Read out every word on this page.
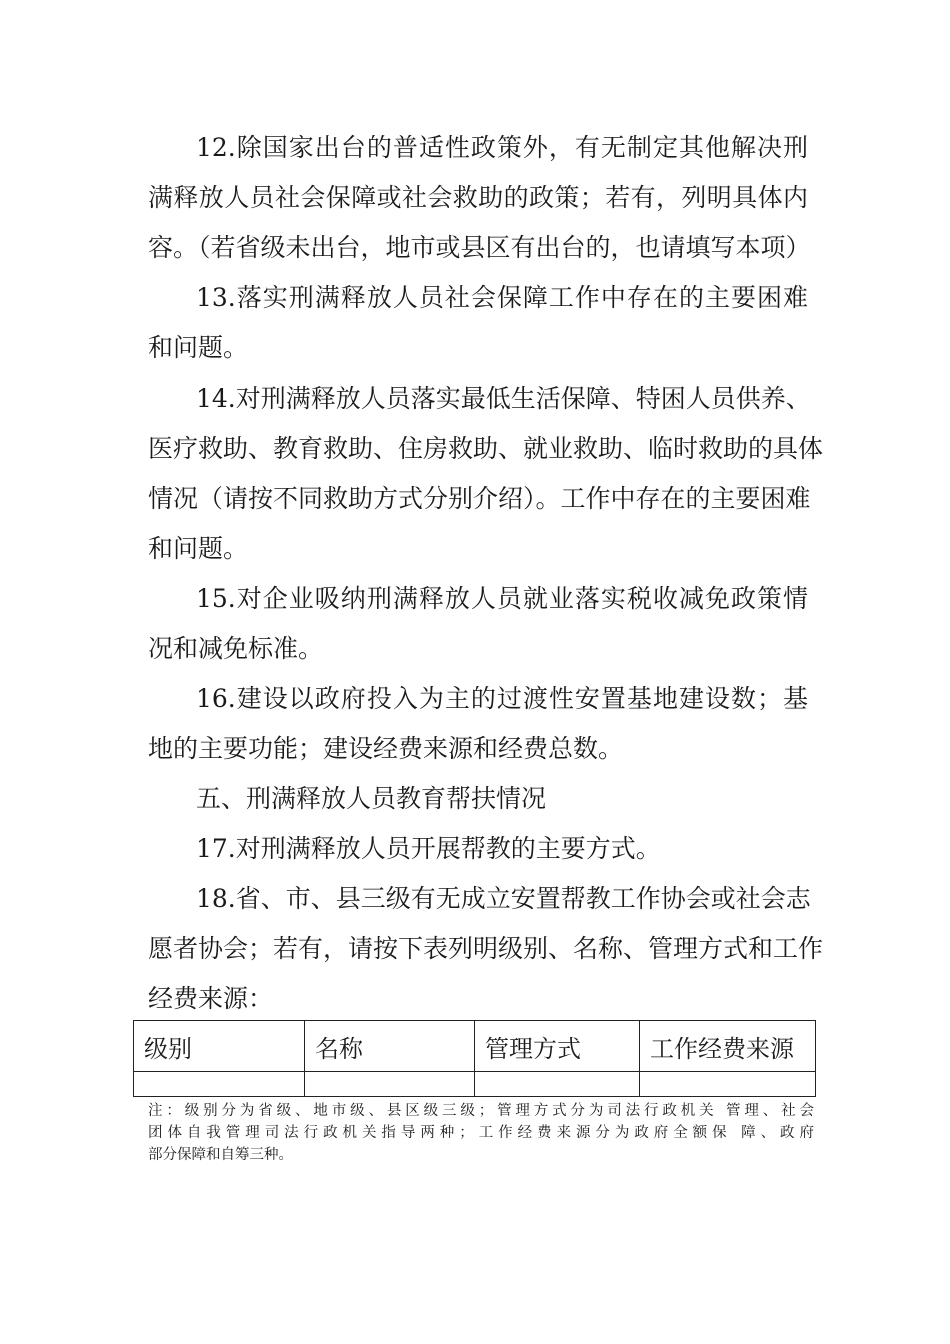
12.除国家出台的普适性政策外，有无制定其他解决刑
满释放人员社会保障或社会救助的政策；若有，列明具体内
容。（若省级未出台，地市或县区有出台的，也请填写本项）
13.落实刑满释放人员社会保障工作中存在的主要困难
和问题。
14.对刑满释放人员落实最低生活保障、特困人员供养、
医疗救助、教育救助、住房救助、就业救助、临时救助的具体
情况（请按不同救助方式分别介绍）。工作中存在的主要困难
和问题。
15.对企业吸纳刑满释放人员就业落实税收减免政策情
况和减免标准。
16.建设以政府投入为主的过渡性安置基地建设数；基
地的主要功能；建设经费来源和经费总数。
五、刑满释放人员教育帮扶情况
17.对刑满释放人员开展帮教的主要方式。
18.省、市、县三级有无成立安置帮教工作协会或社会志
愿者协会；若有，请按下表列明级别、名称、管理方式和工作
经费来源：
级别	名称	管理方式	工作经费来源

注：级别分为省级、地市级、县区级三级；管理方式分为司法行政机关 管理、社会
团体自我管理司法行政机关指导两种；工作经费来源分为政府全额保 障、政府
部分保障和自筹三种。
